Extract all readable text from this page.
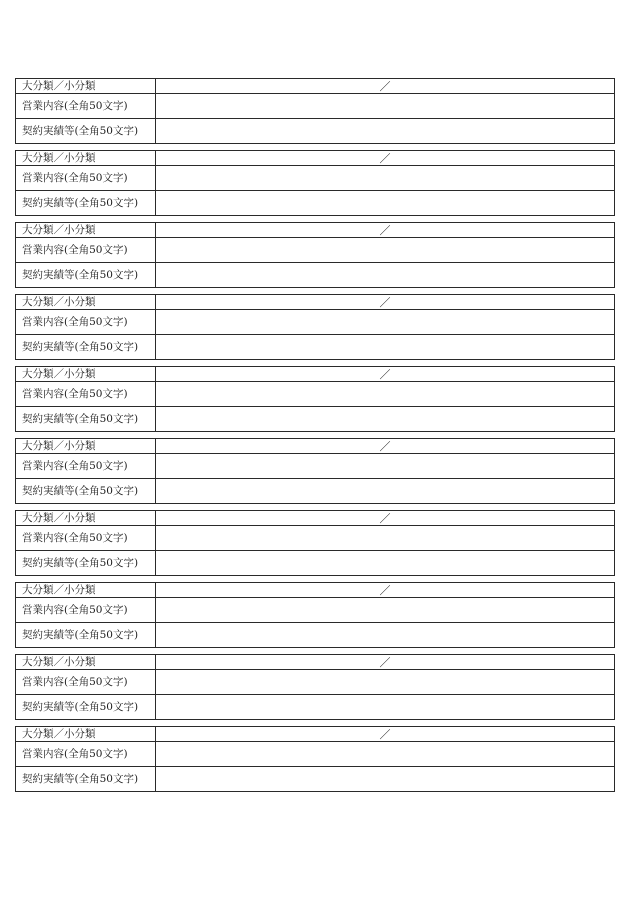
大分類／小分類	／
営業内容(全角50文字)
契約実績等(全角50文字)
大分類／小分類	／
営業内容(全角50文字)
契約実績等(全角50文字)
大分類／小分類	／
営業内容(全角50文字)
契約実績等(全角50文字)
大分類／小分類	／
営業内容(全角50文字)
契約実績等(全角50文字)
大分類／小分類	／
営業内容(全角50文字)
契約実績等(全角50文字)
大分類／小分類	／
営業内容(全角50文字)
契約実績等(全角50文字)
大分類／小分類	／
営業内容(全角50文字)
契約実績等(全角50文字)
大分類／小分類	／
営業内容(全角50文字)
契約実績等(全角50文字)
大分類／小分類	／
営業内容(全角50文字)
契約実績等(全角50文字)
大分類／小分類	／
営業内容(全角50文字)
契約実績等(全角50文字)
